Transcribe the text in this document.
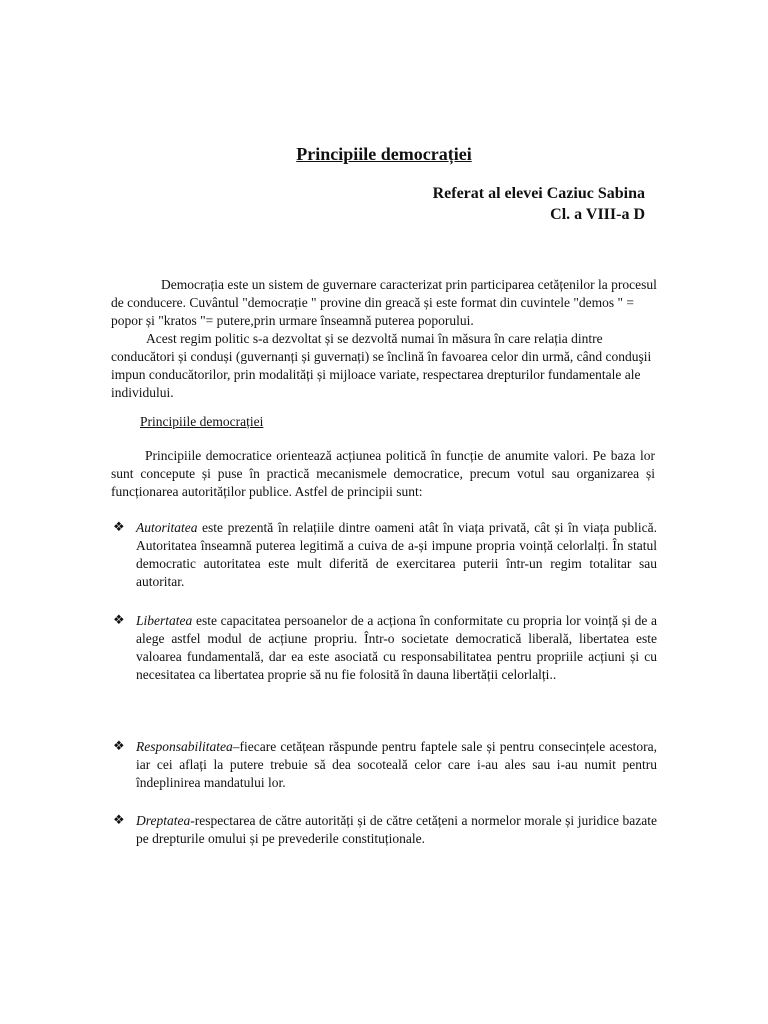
Principiile democrației
Referat al elevei Caziuc Sabina
Cl. a VIII-a D

Democrația este un sistem de guvernare caracterizat prin participarea cetățenilor la procesul de conducere. Cuvântul "democrație " provine din greacă și este format din cuvintele "demos " = popor și "kratos "= putere,prin urmare înseamnă puterea poporului.

Acest regim politic s-a dezvoltat și se dezvoltă numai în măsura în care relația dintre conducători și conduși (guvernanți și guvernați) se înclină în favoarea celor din urmă, când conduşii impun conducătorilor, prin modalități și mijloace variate, respectarea drepturilor fundamentale ale individului.

Principiile democrației

Principiile democratice orientează acțiunea politică în funcție de anumite valori. Pe baza lor sunt concepute și puse în practică mecanismele democratice, precum votul sau organizarea și funcționarea autorităților publice. Astfel de principii sunt:

❖ Autoritatea este prezentă în relațiile dintre oameni atât în viața privată, cât și în viața publică. Autoritatea înseamnă puterea legitimă a cuiva de a-și impune propria voință celorlalți. În statul democratic autoritatea este mult diferită de exercitarea puterii într-un regim totalitar sau autoritar.

❖ Libertatea este capacitatea persoanelor de a acționa în conformitate cu propria lor voință și de a alege astfel modul de acțiune propriu. Într-o societate democratică liberală, libertatea este valoarea fundamentală, dar ea este asociată cu responsabilitatea pentru propriile acțiuni și cu necesitatea ca libertatea proprie să nu fie folosită în dauna libertății celorlalți..

❖ Responsabilitatea–fiecare cetățean răspunde pentru faptele sale și pentru consecințele acestora, iar cei aflați la putere trebuie să dea socoteală celor care i-au ales sau i-au numit pentru îndeplinirea mandatului lor.

❖ Dreptatea-respectarea de către autorități și de către cetățeni a normelor morale și juridice bazate pe drepturile omului și pe prevederile constituționale.
